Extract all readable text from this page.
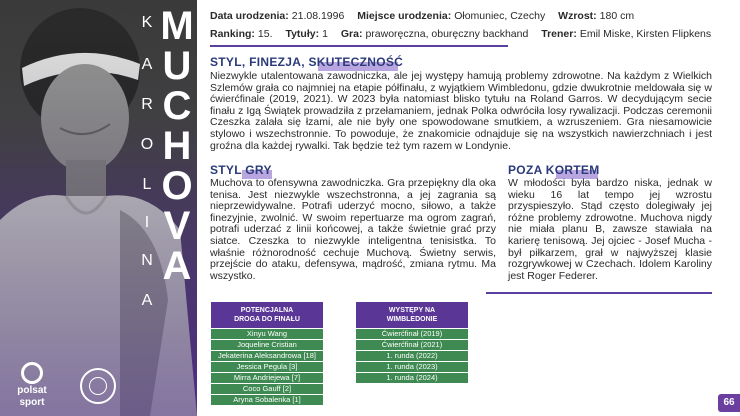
K
A
R
O
L
I
N
A
M
U
C
H
O
V
A
polsat
sport
Data urodzenia: 21.08.1996 Miejsce urodzenia: Ołomuniec, Czechy Wzrost: 180 cm
Ranking: 15. Tytuły: 1 Gra: praworęczna, oburęczny backhand Trener: Emil Miske, Kirsten Flipkens
STYL, FINEZJA, SKUTECZNOŚĆ
Niezwykle utalentowana zawodniczka, ale jej występy hamują problemy zdrowotne. Na każdym z Wielkich Szlemów grała co najmniej na etapie półfinału, z wyjątkiem Wimbledonu, gdzie dwukrotnie meldowała się w ćwierćfinale (2019, 2021). W 2023 była natomiast blisko tytułu na Roland Garros. W decydującym secie finału z Igą Świątek prowadziła z przełamaniem, jednak Polka odwróciła losy rywalizacji. Podczas ceremonii Czeszka zalała się łzami, ale nie były one spowodowane smutkiem, a wzruszeniem. Gra niesamowicie stylowo i wszechstronnie. To powoduje, że znakomicie odnajduje się na wszystkich nawierzchniach i jest groźna dla każdej rywalki. Tak będzie też tym razem w Londynie.
STYL GRY
Muchova to ofensywna zawodniczka. Gra przepiękny dla oka tenisa. Jest niezwykle wszechstronna, a jej zagrania są nieprzewidywalne. Potrafi uderzyć mocno, siłowo, a także finezyjnie, zwolnić. W swoim repertuarze ma ogrom zagrań, potrafi uderzać z linii końcowej, a także świetnie grać przy siatce. Czeszka to niezwykle inteligentna tenisistka. To właśnie różnorodność cechuje Muchovą. Świetny serwis, przejście do ataku, defensywa, mądrość, zmiana rytmu. Ma wszystko.
POZA KORTEM
W młodości była bardzo niska, jednak w wieku 16 lat tempo jej wzrostu przyspieszyło. Stąd często dolegiwały jej różne problemy zdrowotne. Muchova nigdy nie miała planu B, zawsze stawiała na karierę tenisową. Jej ojciec - Josef Mucha - był piłkarzem, grał w najwyższej klasie rozgrywkowej w Czechach. Idolem Karoliny jest Roger Federer.
POTENCJALNA
DROGA DO FINAŁU
Xinyu Wang
Joqueline Cristian
Jekaterina Aleksandrowa [18]
Jessica Pegula [3]
Mirra Andriejewa [7]
Coco Gauff [2]
Aryna Sobalenka [1]
WYSTĘPY NA
WIMBLEDONIE
Ćwierćfinał (2019)
Ćwierćfinał (2021)
1. runda (2022)
1. runda (2023)
1. runda (2024)
66
